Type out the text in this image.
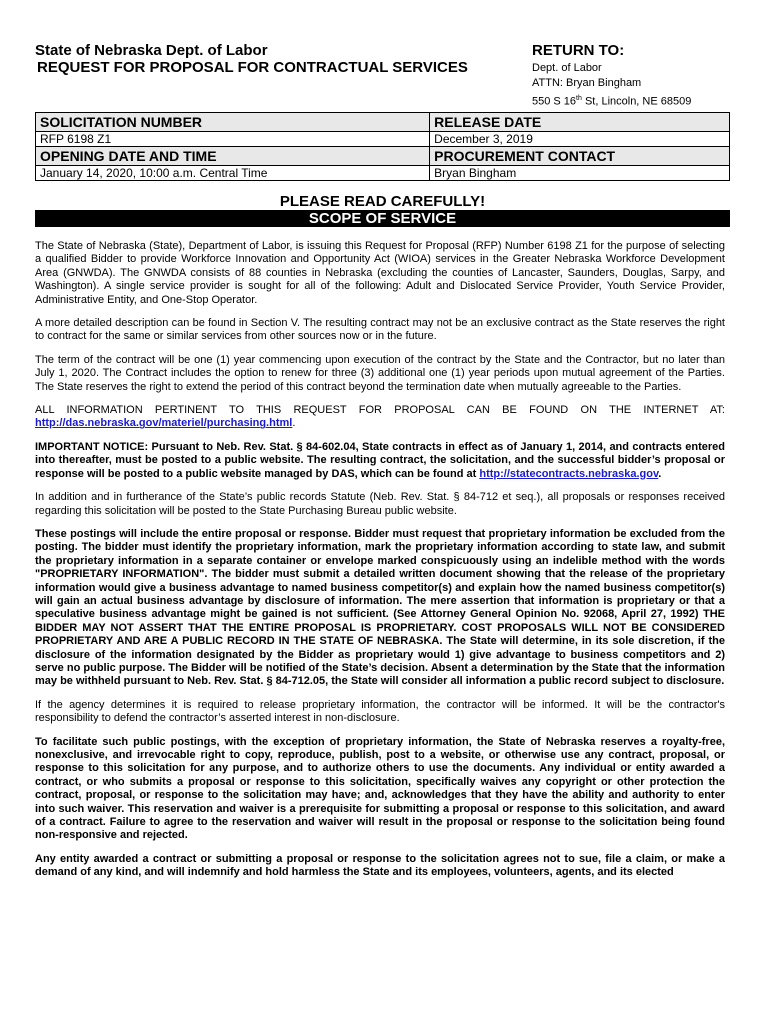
State of Nebraska Dept. of Labor
REQUEST FOR PROPOSAL FOR CONTRACTUAL SERVICES
RETURN TO:
Dept. of Labor
ATTN: Bryan Bingham
550 S 16th St, Lincoln, NE 68509
SOLICITATION NUMBER	RELEASE DATE
RFP 6198 Z1	December 3, 2019
OPENING DATE AND TIME	PROCUREMENT CONTACT
January 14, 2020, 10:00 a.m. Central Time	Bryan Bingham
PLEASE READ CAREFULLY!
SCOPE OF SERVICE

The State of Nebraska (State), Department of Labor, is issuing this Request for Proposal (RFP) Number 6198 Z1 for the purpose of selecting a qualified Bidder to provide Workforce Innovation and Opportunity Act (WIOA) services in the Greater Nebraska Workforce Development Area (GNWDA). The GNWDA consists of 88 counties in Nebraska (excluding the counties of Lancaster, Saunders, Douglas, Sarpy, and Washington). A single service provider is sought for all of the following: Adult and Dislocated Service Provider, Youth Service Provider, Administrative Entity, and One-Stop Operator.

A more detailed description can be found in Section V. The resulting contract may not be an exclusive contract as the State reserves the right to contract for the same or similar services from other sources now or in the future.

The term of the contract will be one (1) year commencing upon execution of the contract by the State and the Contractor, but no later than July 1, 2020. The Contract includes the option to renew for three (3) additional one (1) year periods upon mutual agreement of the Parties. The State reserves the right to extend the period of this contract beyond the termination date when mutually agreeable to the Parties.

ALL INFORMATION PERTINENT TO THIS REQUEST FOR PROPOSAL CAN BE FOUND ON THE INTERNET AT: http://das.nebraska.gov/materiel/purchasing.html.

IMPORTANT NOTICE: Pursuant to Neb. Rev. Stat. § 84-602.04, State contracts in effect as of January 1, 2014, and contracts entered into thereafter, must be posted to a public website. The resulting contract, the solicitation, and the successful bidder’s proposal or response will be posted to a public website managed by DAS, which can be found at http://statecontracts.nebraska.gov.

In addition and in furtherance of the State’s public records Statute (Neb. Rev. Stat. § 84-712 et seq.), all proposals or responses received regarding this solicitation will be posted to the State Purchasing Bureau public website.

These postings will include the entire proposal or response. Bidder must request that proprietary information be excluded from the posting. The bidder must identify the proprietary information, mark the proprietary information according to state law, and submit the proprietary information in a separate container or envelope marked conspicuously using an indelible method with the words "PROPRIETARY INFORMATION". The bidder must submit a detailed written document showing that the release of the proprietary information would give a business advantage to named business competitor(s) and explain how the named business competitor(s) will gain an actual business advantage by disclosure of information. The mere assertion that information is proprietary or that a speculative business advantage might be gained is not sufficient. (See Attorney General Opinion No. 92068, April 27, 1992) THE BIDDER MAY NOT ASSERT THAT THE ENTIRE PROPOSAL IS PROPRIETARY. COST PROPOSALS WILL NOT BE CONSIDERED PROPRIETARY AND ARE A PUBLIC RECORD IN THE STATE OF NEBRASKA. The State will determine, in its sole discretion, if the disclosure of the information designated by the Bidder as proprietary would 1) give advantage to business competitors and 2) serve no public purpose. The Bidder will be notified of the State’s decision. Absent a determination by the State that the information may be withheld pursuant to Neb. Rev. Stat. § 84-712.05, the State will consider all information a public record subject to disclosure.

If the agency determines it is required to release proprietary information, the contractor will be informed. It will be the contractor's responsibility to defend the contractor’s asserted interest in non-disclosure.

To facilitate such public postings, with the exception of proprietary information, the State of Nebraska reserves a royalty-free, nonexclusive, and irrevocable right to copy, reproduce, publish, post to a website, or otherwise use any contract, proposal, or response to this solicitation for any purpose, and to authorize others to use the documents. Any individual or entity awarded a contract, or who submits a proposal or response to this solicitation, specifically waives any copyright or other protection the contract, proposal, or response to the solicitation may have; and, acknowledges that they have the ability and authority to enter into such waiver. This reservation and waiver is a prerequisite for submitting a proposal or response to this solicitation, and award of a contract. Failure to agree to the reservation and waiver will result in the proposal or response to the solicitation being found non-responsive and rejected.

Any entity awarded a contract or submitting a proposal or response to the solicitation agrees not to sue, file a claim, or make a demand of any kind, and will indemnify and hold harmless the State and its employees, volunteers, agents, and its elected
